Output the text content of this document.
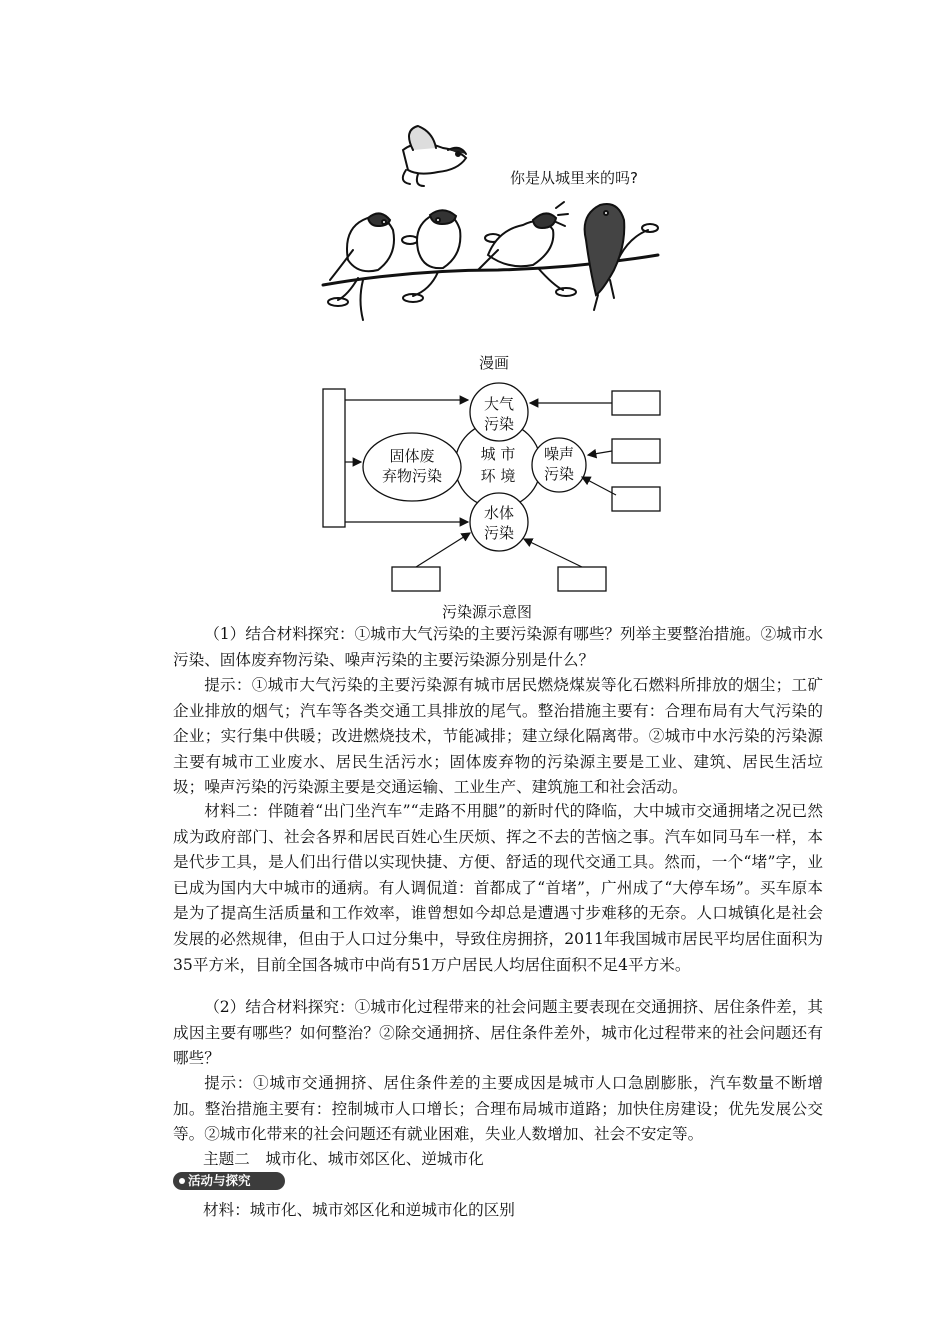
你是从城里来的吗?
漫画
城 市
环 境
大气
污染
固体废
弃物污染
噪声
污染
水体
污染
污染源示意图
（1）结合材料探究：①城市大气污染的主要污染源有哪些？列举主要整治措施。②城市水污染、固体废弃物污染、噪声污染的主要污染源分别是什么？
提示：①城市大气污染的主要污染源有城市居民燃烧煤炭等化石燃料所排放的烟尘；工矿企业排放的烟气；汽车等各类交通工具排放的尾气。整治措施主要有：合理布局有大气污染的企业；实行集中供暖；改进燃烧技术，节能减排；建立绿化隔离带。②城市中水污染的污染源主要有城市工业废水、居民生活污水；固体废弃物的污染源主要是工业、建筑、居民生活垃圾；噪声污染的污染源主要是交通运输、工业生产、建筑施工和社会活动。
材料二：伴随着“出门坐汽车”“走路不用腿”的新时代的降临，大中城市交通拥堵之况已然成为政府部门、社会各界和居民百姓心生厌烦、挥之不去的苦恼之事。汽车如同马车一样，本是代步工具，是人们出行借以实现快捷、方便、舒适的现代交通工具。然而，一个“堵”字，业已成为国内大中城市的通病。有人调侃道：首都成了“首堵”，广州成了“大停车场”。买车原本是为了提高生活质量和工作效率，谁曾想如今却总是遭遇寸步难移的无奈。人口城镇化是社会发展的必然规律，但由于人口过分集中，导致住房拥挤，2011年我国城市居民平均居住面积为35平方米，目前全国各城市中尚有51万户居民人均居住面积不足4平方米。
（2）结合材料探究：①城市化过程带来的社会问题主要表现在交通拥挤、居住条件差，其成因主要有哪些？如何整治？②除交通拥挤、居住条件差外，城市化过程带来的社会问题还有哪些？
提示：①城市交通拥挤、居住条件差的主要成因是城市人口急剧膨胀，汽车数量不断增加。整治措施主要有：控制城市人口增长；合理布局城市道路；加快住房建设；优先发展公交等。②城市化带来的社会问题还有就业困难，失业人数增加、社会不安定等。
主题二　城市化、城市郊区化、逆城市化
活动与探究
材料：城市化、城市郊区化和逆城市化的区别
